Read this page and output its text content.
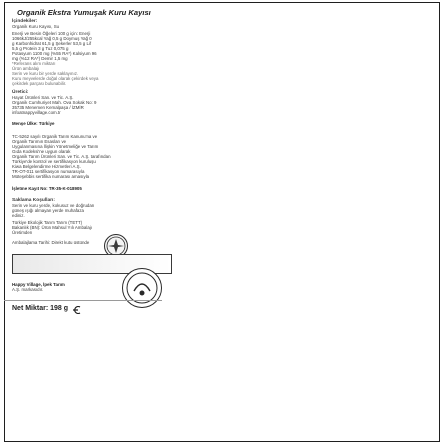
Organik Ekstra Yumuşak Kuru Kayısı
İçindekiler:
Organik Kuru Kayısı, Su
Enerji ve Besin Öğeleri 100 g için: Enerji
1066kJ/255kcal Yağ 0,5 g Doymuş Yağ 0
g Karbonhidrat 61,5 g Şekerler 53,5 g Lif
5,5 g Protein 3 g Tuz 0,075 g
Potasyum 1100 mg (%55 RA*) Kalsiyum 96
mg (%12 RA*) Demir 1,5 mg
*Referans alım miktarı
Ürün ambalajı
Serin ve kuru bir yerde saklayınız.
Kuru meyvelerde doğal olarak çekirdek veya
çekirdek parçası bulunabilir.
Üretici:
Hayat Ürünleri San. ve Tic. A.Ş.
Organik Cumhuriyet Mah. Ova Sokak No: 9
35735 Menemen Kemalpaşa / İZMİR
infoatnappyvillage.com.tr
Menşe Ülke: Türkiye
TC-5262 sayılı Organik Tarım Kanunu'na ve
Organik Tarımın Esasları ve
Uygulanmasına İlişkin Yönetmeliğe ve Tarım
Gıda Kodeksi'ne uygun olarak
Organik Tarım Ürünleri San. ve Tic. A.Ş. tarafından
Türkiye'de kontrol ve sertifikasyon kuruluşu
Kiwa Belgelendirme Hizmetleri A.Ş.
TR-OT-011 sertifikasyon numarasıyla
Müteşebbis sertifika numarası amasıyla
İşletme Kayıt No: TR-35-K-018905
Saklama Koşulları:
Serin ve kuru yerde, kokusuz ve doğrudan
güneş ışığı almayan yerde muhafaza
ediniz.
Türkiye Ekolojik Tarım Tarım (TETT)
Bakanlık (BN): Ürün Mahsul Yılı Ambalajı
Üretimden
Ambalajlama Tarihi: Direkt kutu üstünde
Happy Village, İpek Tarım
A.Ş. markasıdır.
Net Miktar: 198 g
